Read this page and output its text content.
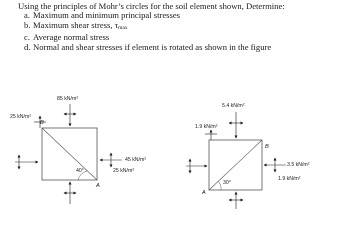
Using the principles of Mohr’s circles for the soil element shown, Determine:
a. Maximum and minimum principal stresses
b. Maximum shear stress, $\tau_{max}$
c. Average normal stress
d. Normal and shear stresses if element is rotated as shown in the figure
85 kN/m²
25 kN/m²
45 kN/m²
25 kN/m²
40°
B
A
5.4 kN/m²
1.9 kN/m²
3.5 kN/m²
1.9 kN/m²
30°
A
B
